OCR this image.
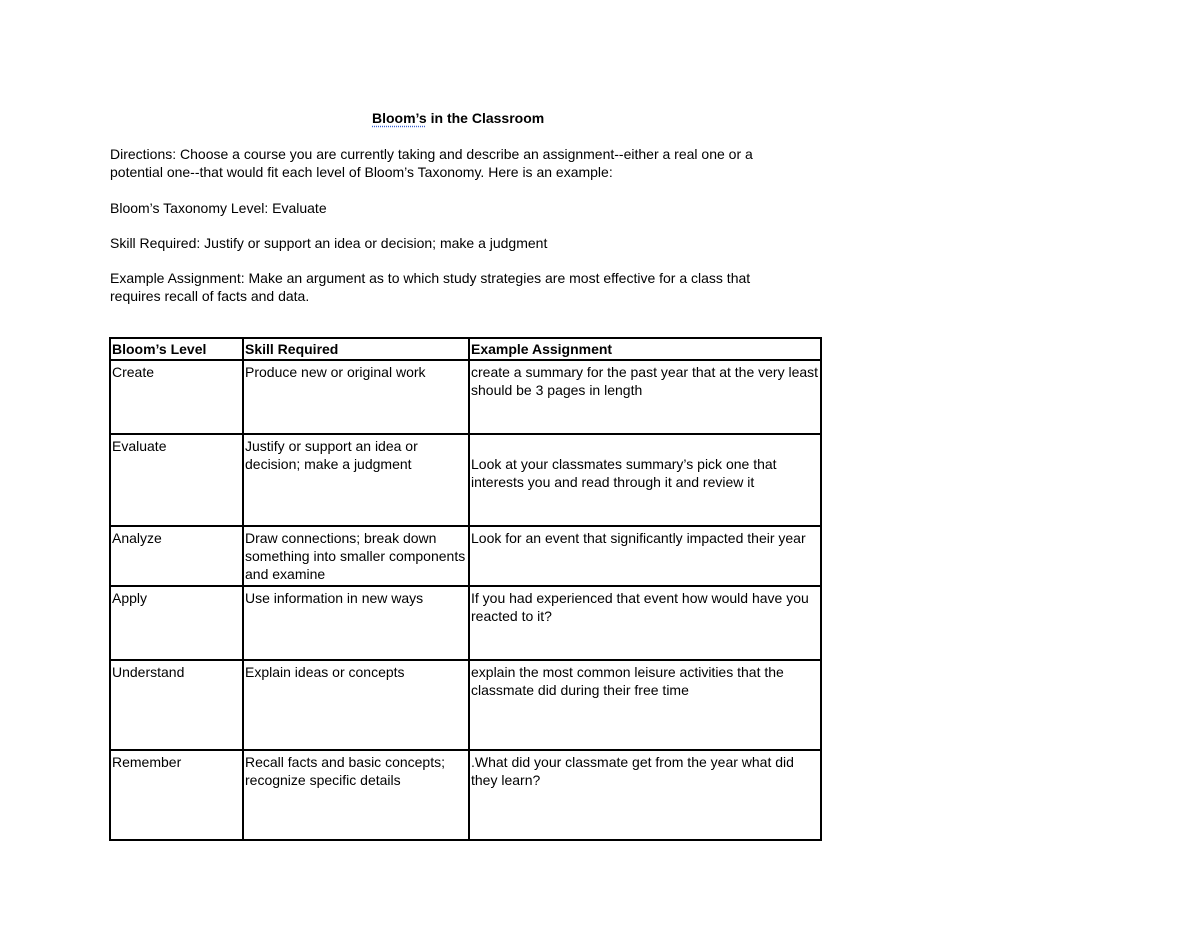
Bloom’s in the Classroom
Directions: Choose a course you are currently taking and describe an assignment--either a real one or a
potential one--that would fit each level of Bloom’s Taxonomy. Here is an example:
Bloom’s Taxonomy Level: Evaluate
Skill Required: Justify or support an idea or decision; make a judgment
Example Assignment: Make an argument as to which study strategies are most effective for a class that
requires recall of facts and data.
Bloom’s Level	Skill Required	Example Assignment
Create	Produce new or original work	create a summary for the past year that at the very least should be 3 pages in length
Evaluate	Justify or support an idea or decision; make a judgment	Look at your classmates summary’s pick one that interests you and read through it and review it
Analyze	Draw connections; break down something into smaller components and examine	Look for an event that significantly impacted their year
Apply	Use information in new ways	If you had experienced that event how would have you reacted to it?
Understand	Explain ideas or concepts	explain the most common leisure activities that the classmate did during their free time
Remember	Recall facts and basic concepts; recognize specific details	.What did your classmate get from the year what did they learn?
